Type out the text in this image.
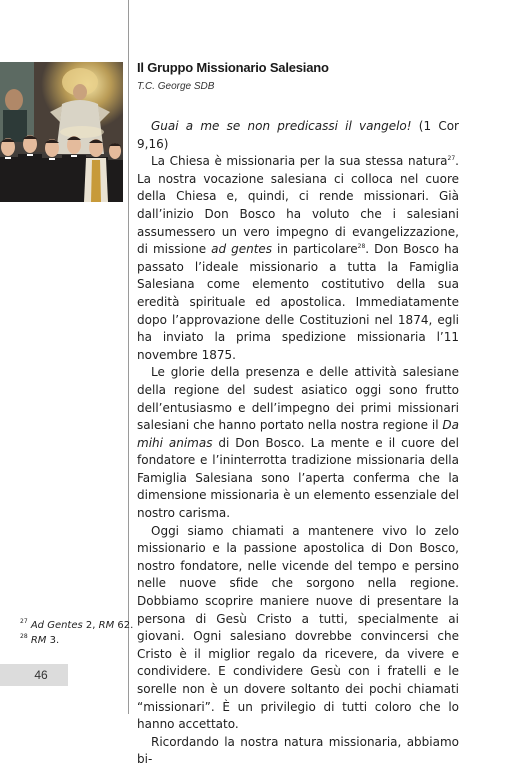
Il Gruppo Missionario Salesiano
T.C. George SDB

Guai a me se non predicassi il vangelo! (1 Cor 9,16)

La Chiesa è missionaria per la sua stessa natura$^{27}$. La nostra vocazione salesiana ci colloca nel cuore della Chiesa e, quindi, ci rende missionari. Già dall’inizio Don Bosco ha voluto che i salesiani assumessero un vero impegno di evangelizzazione, di missione ad gentes in particolare$^{28}$. Don Bosco ha passato l’ideale missionario a tutta la Famiglia Salesiana come elemento costitutivo della sua eredità spirituale ed apostolica. Immediatamente dopo l’approvazione delle Costituzioni nel 1874, egli ha inviato la prima spedizione missionaria l’11 novembre 1875.

Le glorie della presenza e delle attività salesiane della regione del sudest asiatico oggi sono frutto dell’entusiasmo e dell’impegno dei primi missionari salesiani che hanno portato nella nostra regione il Da mihi animas di Don Bosco. La mente e il cuore del fondatore e l’ininterrotta tradizione missionaria della Famiglia Salesiana sono l’aperta conferma che la dimensione missionaria è un elemento essenziale del nostro carisma.

Oggi siamo chiamati a mantenere vivo lo zelo missionario e la passione apostolica di Don Bosco, nostro fondatore, nelle vicende del tempo e persino nelle nuove sfide che sorgono nella regione. Dobbiamo scoprire maniere nuove di presentare la persona di Gesù Cristo a tutti, specialmente ai giovani. Ogni salesiano dovrebbe convincersi che Cristo è il miglior regalo da ricevere, da vivere e condividere. E condividere Gesù con i fratelli e le sorelle non è un dovere soltanto dei pochi chiamati “missionari”. È un privilegio di tutti coloro che lo hanno accettato.

Ricordando la nostra natura missionaria, abbiamo bi-

$^{27}$ Ad Gentes 2, RM 62.
$^{28}$ RM 3.
46
